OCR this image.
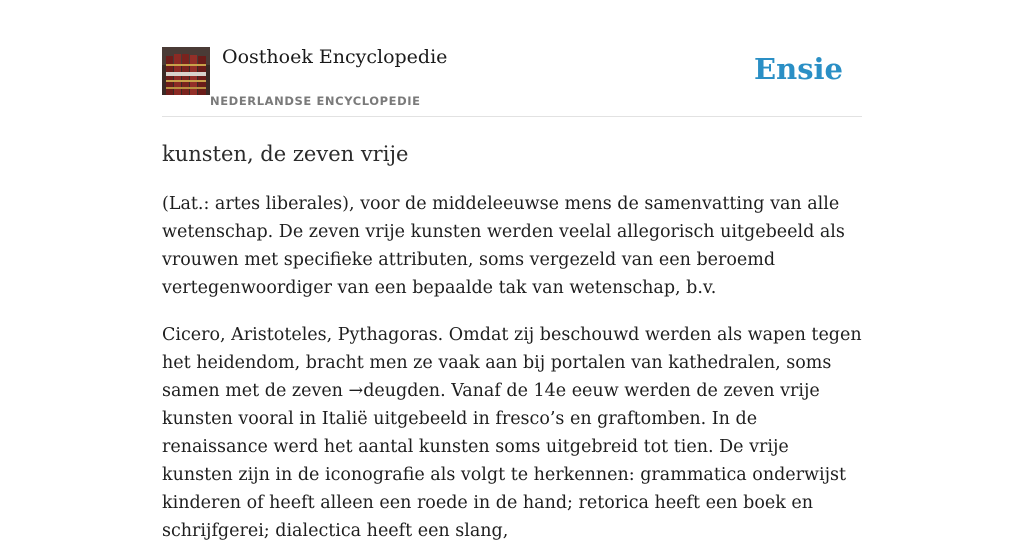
Oosthoek Encyclopedie
NEDERLANDSE ENCYCLOPEDIE
Ensie
kunsten, de zeven vrije

(Lat.: artes liberales), voor de middeleeuwse mens de samenvatting van alle wetenschap. De zeven vrije kunsten werden veelal allegorisch uitgebeeld als vrouwen met specifieke attributen, soms vergezeld van een beroemd vertegenwoordiger van een bepaalde tak van wetenschap, b.v.

Cicero, Aristoteles, Pythagoras. Omdat zij beschouwd werden als wapen tegen het heidendom, bracht men ze vaak aan bij portalen van kathedralen, soms samen met de zeven →deugden. Vanaf de 14e eeuw werden de zeven vrije kunsten vooral in Italië uitgebeeld in fresco’s en graftomben. In de renaissance werd het aantal kunsten soms uitgebreid tot tien. De vrije kunsten zijn in de iconografie als volgt te herkennen: grammatica onderwijst kinderen of heeft alleen een roede in de hand; retorica heeft een boek en schrijfgerei; dialectica heeft een slang,
